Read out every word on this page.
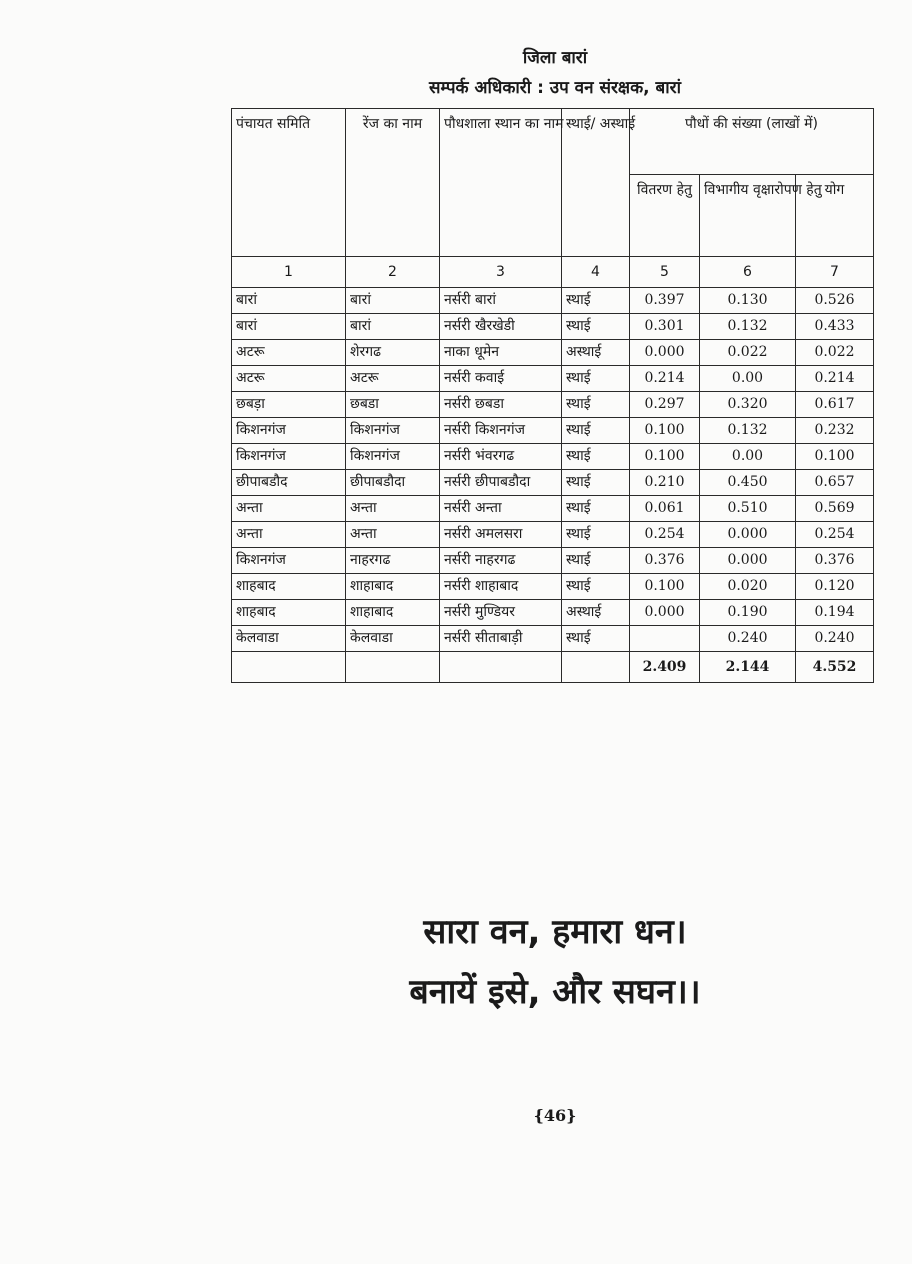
जिला बारां
सम्पर्क अधिकारी : उप वन संरक्षक, बारां
पंचायत समिति	रेंज का नाम	पौधशाला स्थान का नाम	स्थाई/ अस्थाई	पौधों की संख्या (लाखों में)		
				वितरण हेतु	विभागीय वृक्षारोपण हेतु	योग
1	2	3	4	5	6	7
बारां	बारां	नर्सरी बारां	स्थाई	0.397	0.130	0.526
बारां	बारां	नर्सरी खैरखेडी	स्थाई	0.301	0.132	0.433
अटरू	शेरगढ	नाका धूमेन	अस्थाई	0.000	0.022	0.022
अटरू	अटरू	नर्सरी कवाई	स्थाई	0.214	0.00	0.214
छबड़ा	छबडा	नर्सरी छबडा	स्थाई	0.297	0.320	0.617
किशनगंज	किशनगंज	नर्सरी किशनगंज	स्थाई	0.100	0.132	0.232
किशनगंज	किशनगंज	नर्सरी भंवरगढ	स्थाई	0.100	0.00	0.100
छीपाबडौद	छीपाबडौदा	नर्सरी छीपाबडौदा	स्थाई	0.210	0.450	0.657
अन्ता	अन्ता	नर्सरी अन्ता	स्थाई	0.061	0.510	0.569
अन्ता	अन्ता	नर्सरी अमलसरा	स्थाई	0.254	0.000	0.254
किशनगंज	नाहरगढ	नर्सरी नाहरगढ	स्थाई	0.376	0.000	0.376
शाहबाद	शाहाबाद	नर्सरी शाहाबाद	स्थाई	0.100	0.020	0.120
शाहबाद	शाहाबाद	नर्सरी मुण्डियर	अस्थाई	0.000	0.190	0.194
केलवाडा	केलवाडा	नर्सरी सीताबाड़ी	स्थाई		0.240	0.240
				2.409	2.144	4.552
सारा वन, हमारा धन।
बनायें इसे, और सघन।।
{46}
